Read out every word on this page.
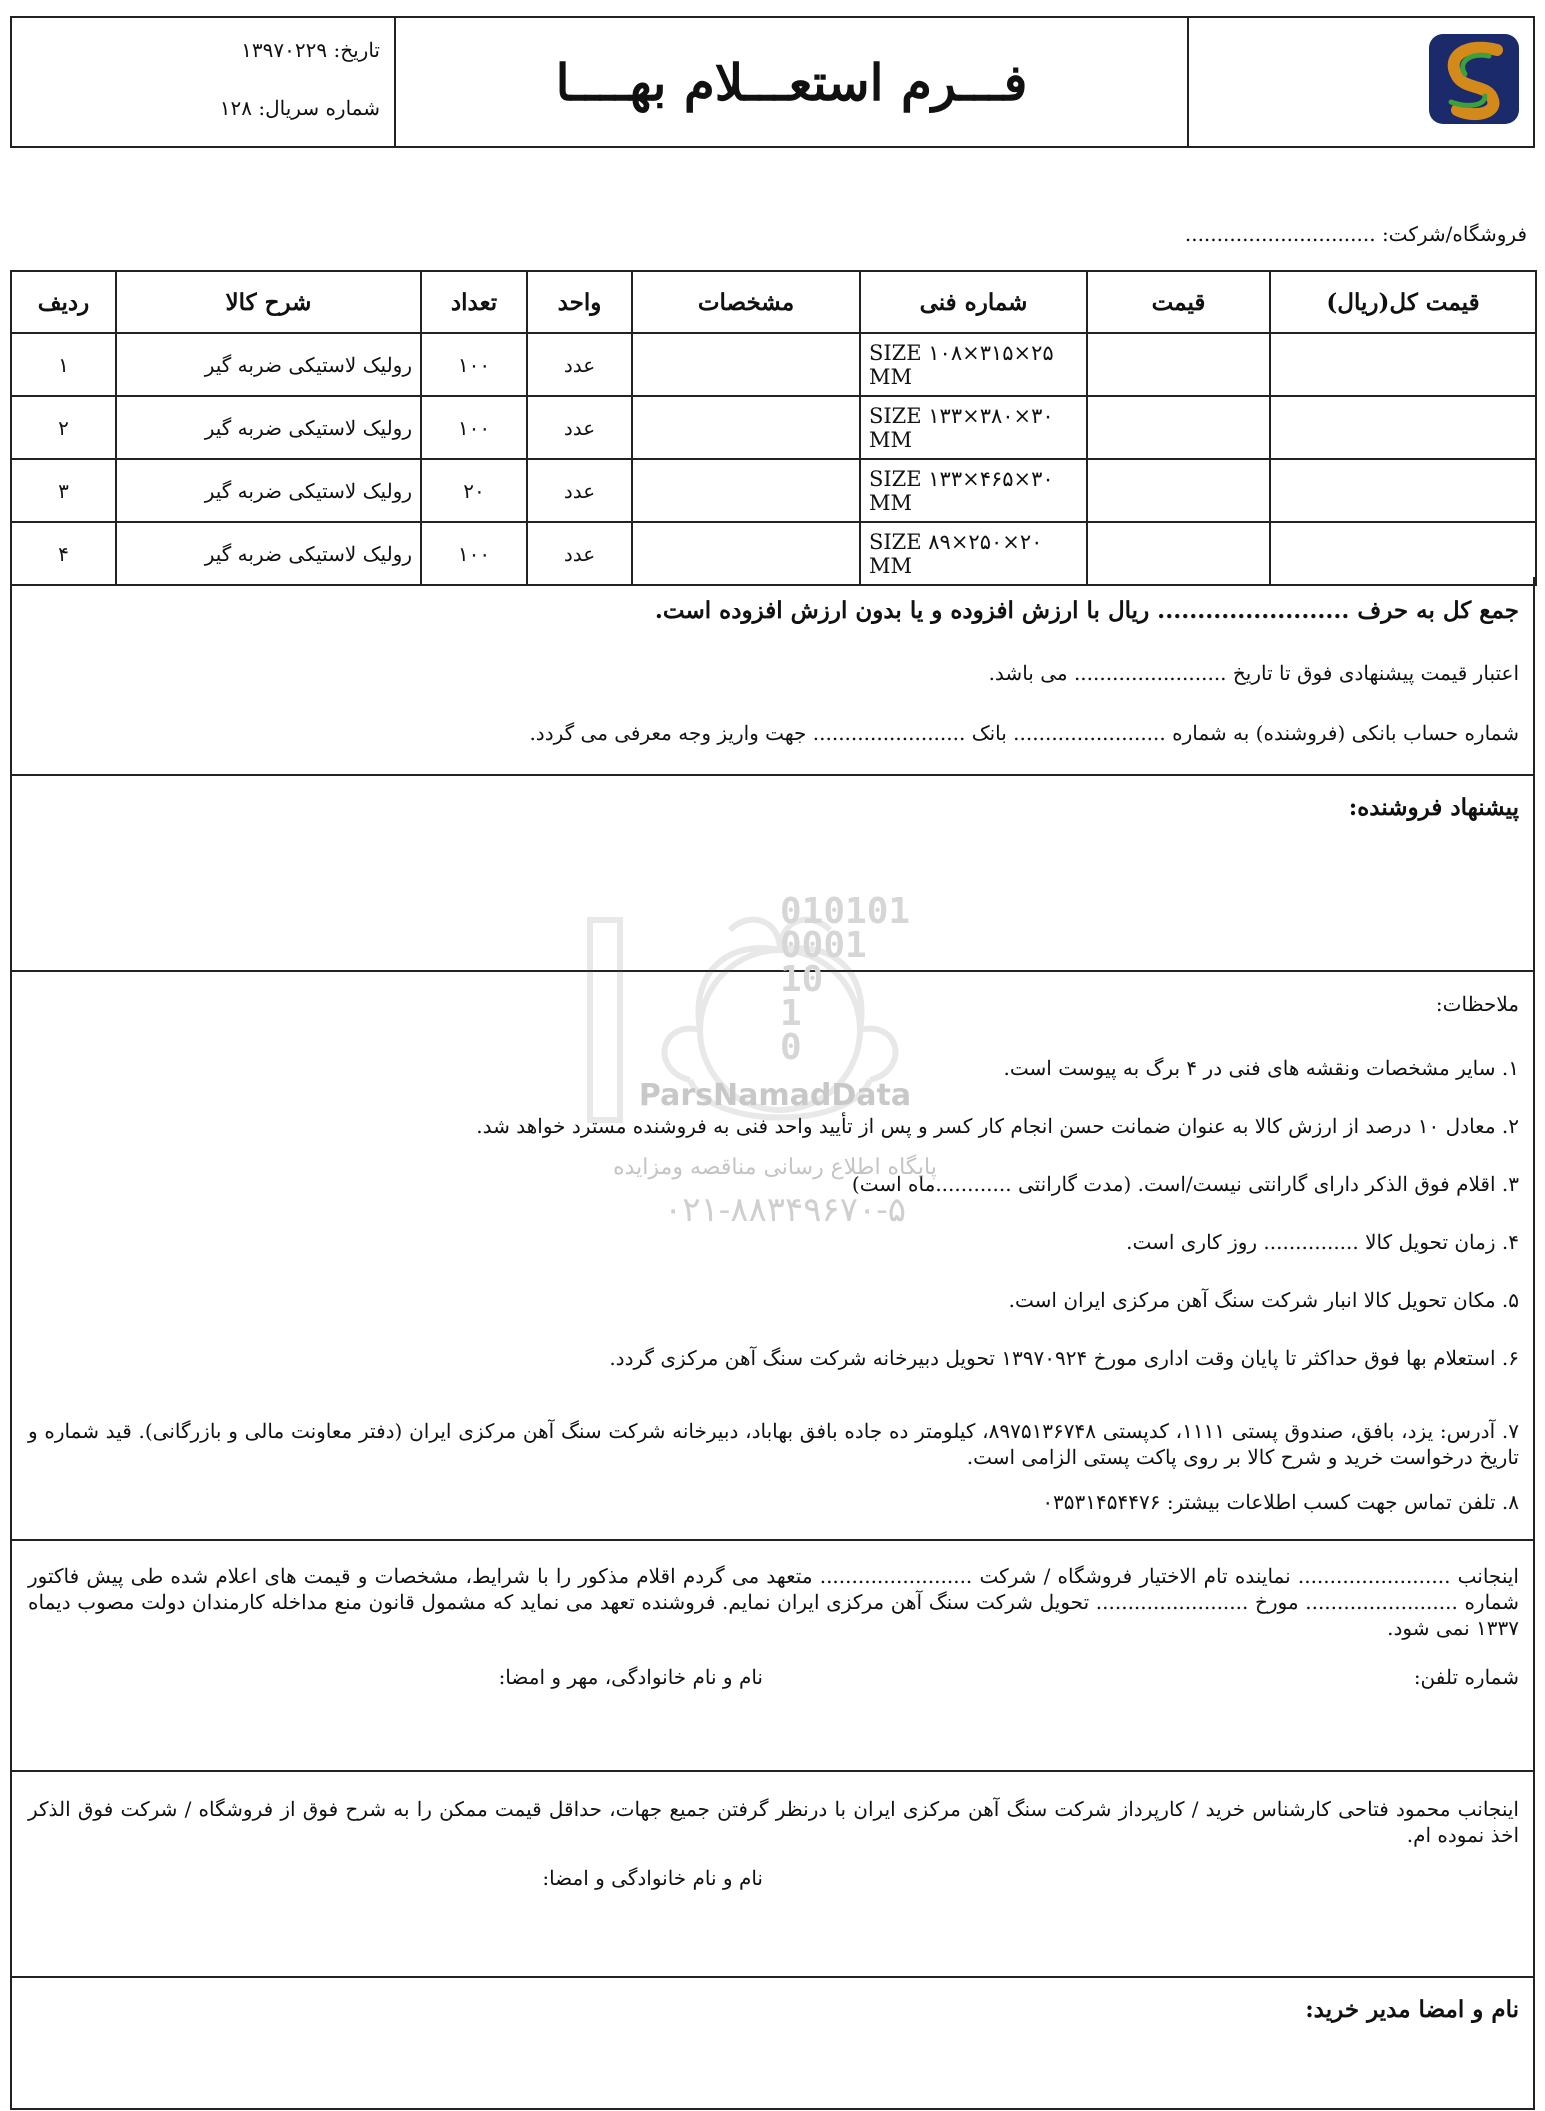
فـــرم استعـــلام بهــــا
تاریخ: ۱۳۹۷۰۲۲۹
شماره سریال: ۱۲۸
فروشگاه/شرکت: ..............................
قیمت کل(ریال)	قیمت	شماره فنی	مشخصات	واحد	تعداد	شرح کالا	ردیف
		SIZE ۱۰۸×۳۱۵×۲۵ MM		عدد	۱۰۰	رولیک لاستیکی ضربه گیر	۱
		SIZE ۱۳۳×۳۸۰×۳۰ MM		عدد	۱۰۰	رولیک لاستیکی ضربه گیر	۲
		SIZE ۱۳۳×۴۶۵×۳۰ MM		عدد	۲۰	رولیک لاستیکی ضربه گیر	۳
		SIZE ۸۹×۲۵۰×۲۰ MM		عدد	۱۰۰	رولیک لاستیکی ضربه گیر	۴
جمع کل به حرف ........................ ریال با ارزش افزوده و یا بدون ارزش افزوده است.
اعتبار قیمت پیشنهادی فوق تا تاریخ ........................ می باشد.
شماره حساب بانکی (فروشنده) به شماره ........................ بانک ........................ جهت واریز وجه معرفی می گردد.
پیشنهاد فروشنده:
ملاحظات:
۱. سایر مشخصات ونقشه های فنی در ۴ برگ به پیوست است.
۲. معادل ۱۰ درصد از ارزش کالا به عنوان ضمانت حسن انجام کار کسر و پس از تأیید واحد فنی به فروشنده مسترد خواهد شد.
۳. اقلام فوق الذکر دارای گارانتی نیست/است. (مدت گارانتی ............ماه است)
۴. زمان تحویل کالا ............... روز کاری است.
۵. مکان تحویل کالا انبار شرکت سنگ آهن مرکزی ایران است.
۶. استعلام بها فوق حداکثر تا پایان وقت اداری مورخ ۱۳۹۷۰۹۲۴ تحویل دبیرخانه شرکت سنگ آهن مرکزی گردد.
۷. آدرس: یزد، بافق، صندوق پستی ۱۱۱۱، کدپستی ۸۹۷۵۱۳۶۷۴۸، کیلومتر ده جاده بافق بهاباد، دبیرخانه شرکت سنگ آهن مرکزی ایران (دفتر معاونت مالی و بازرگانی). قید شماره و تاریخ درخواست خرید و شرح کالا بر روی پاکت پستی الزامی است.
۸. تلفن تماس جهت کسب اطلاعات بیشتر: ۰۳۵۳۱۴۵۴۴۷۶
اینجانب ........................ نماینده تام الاختیار فروشگاه / شرکت ........................ متعهد می گردم اقلام مذکور را با شرایط، مشخصات و قیمت های اعلام شده طی پیش فاکتور شماره ........................ مورخ ........................ تحویل شرکت سنگ آهن مرکزی ایران نمایم. فروشنده تعهد می نماید که مشمول قانون منع مداخله کارمندان دولت مصوب دیماه ۱۳۳۷ نمی شود.
شماره تلفن:
نام و نام خانوادگی، مهر و امضا:
اینجانب محمود فتاحی کارشناس خرید / کارپرداز شرکت سنگ آهن مرکزی ایران با درنظر گرفتن جمیع جهات، حداقل قیمت ممکن را به شرح فوق از فروشگاه / شرکت فوق الذکر اخذ نموده ام.
نام و نام خانوادگی و امضا:
نام و امضا مدیر خرید:
010101
0001
10
1
0
ParsNamadData
پایگاه اطلاع رسانی مناقصه ومزایده
۰۲۱-۸۸۳۴۹۶۷۰-۵
